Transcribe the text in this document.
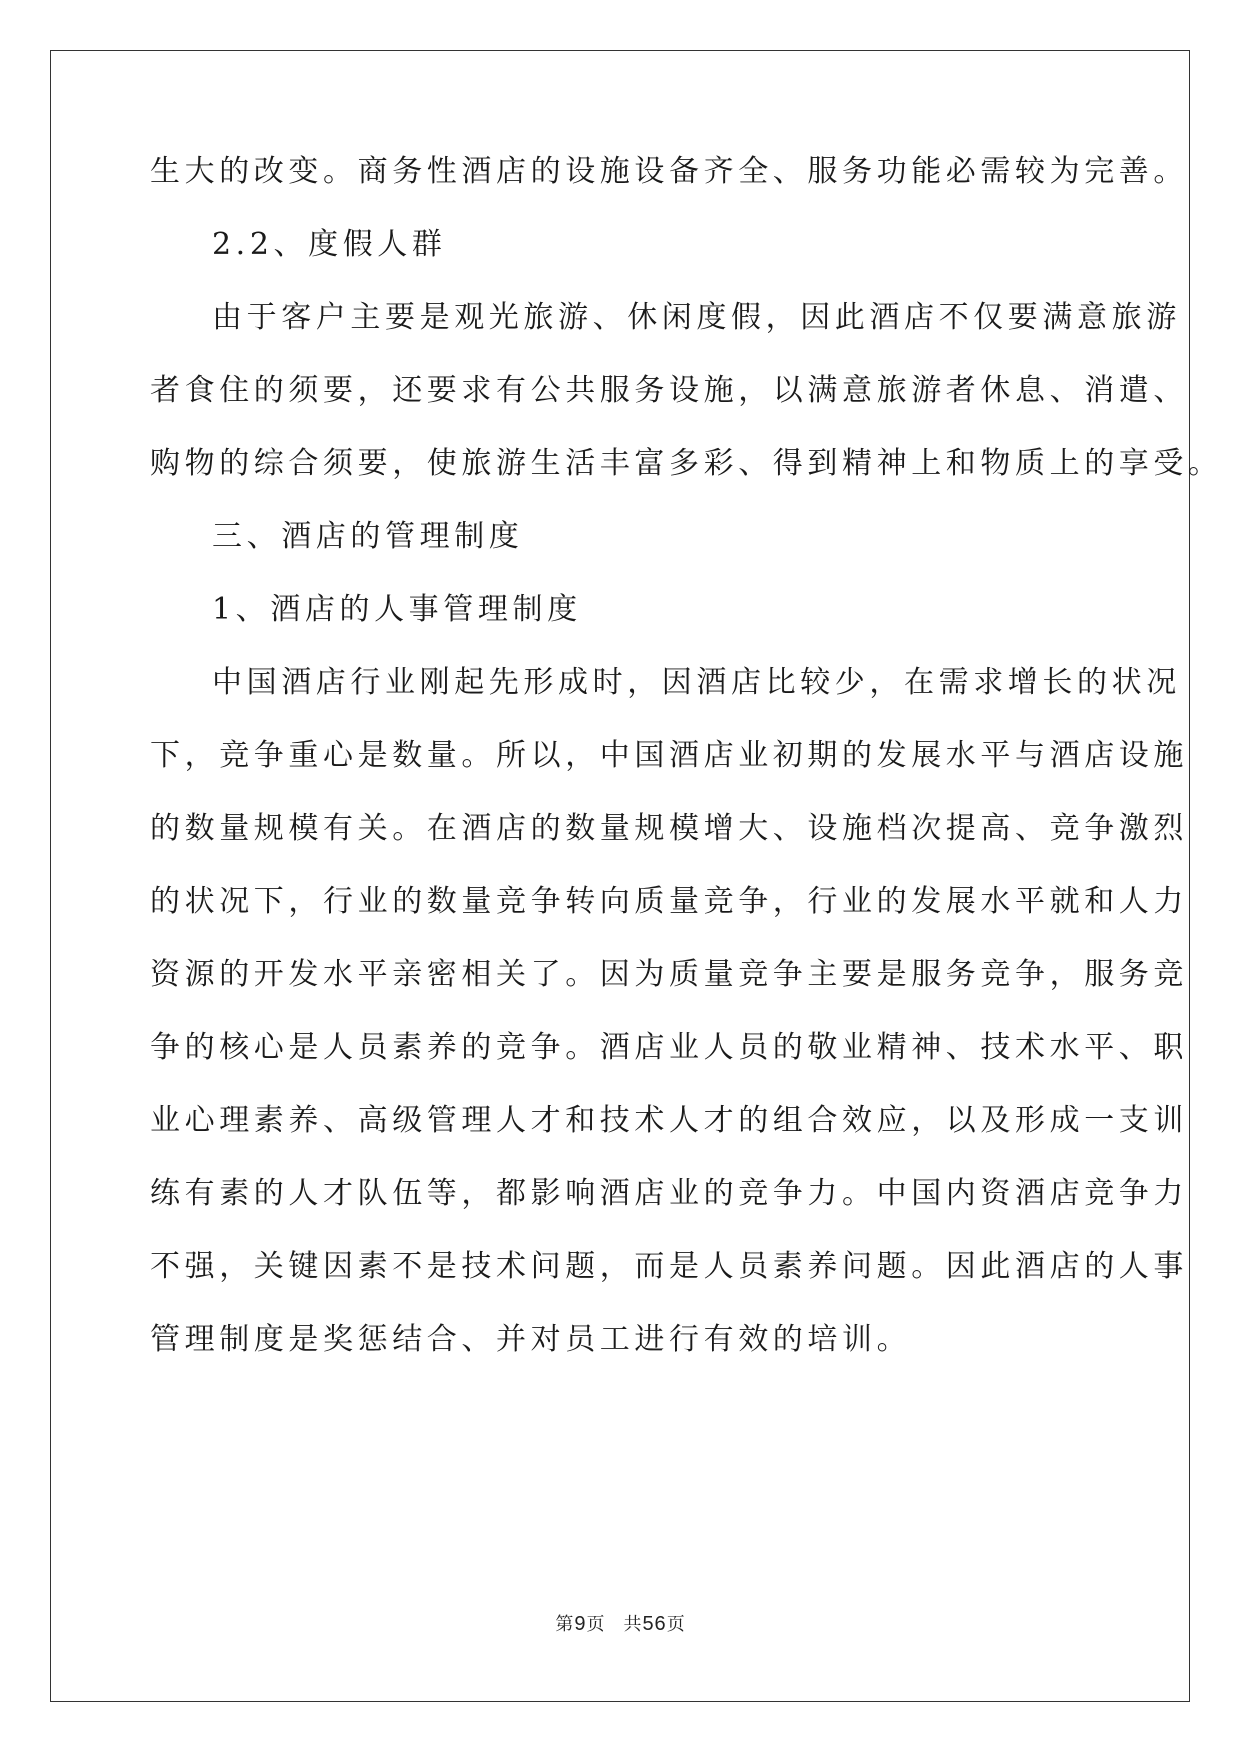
生大的改变。商务性酒店的设施设备齐全、服务功能必需较为完善。
2.2、度假人群
由于客户主要是观光旅游、休闲度假，因此酒店不仅要满意旅游
者食住的须要，还要求有公共服务设施，以满意旅游者休息、消遣、
购物的综合须要，使旅游生活丰富多彩、得到精神上和物质上的享受。
三、酒店的管理制度
1、酒店的人事管理制度
中国酒店行业刚起先形成时，因酒店比较少，在需求增长的状况
下，竞争重心是数量。所以，中国酒店业初期的发展水平与酒店设施
的数量规模有关。在酒店的数量规模增大、设施档次提高、竞争激烈
的状况下，行业的数量竞争转向质量竞争，行业的发展水平就和人力
资源的开发水平亲密相关了。因为质量竞争主要是服务竞争，服务竞
争的核心是人员素养的竞争。酒店业人员的敬业精神、技术水平、职
业心理素养、高级管理人才和技术人才的组合效应，以及形成一支训
练有素的人才队伍等，都影响酒店业的竞争力。中国内资酒店竞争力
不强，关键因素不是技术问题，而是人员素养问题。因此酒店的人事
管理制度是奖惩结合、并对员工进行有效的培训。
第9页 共56页
